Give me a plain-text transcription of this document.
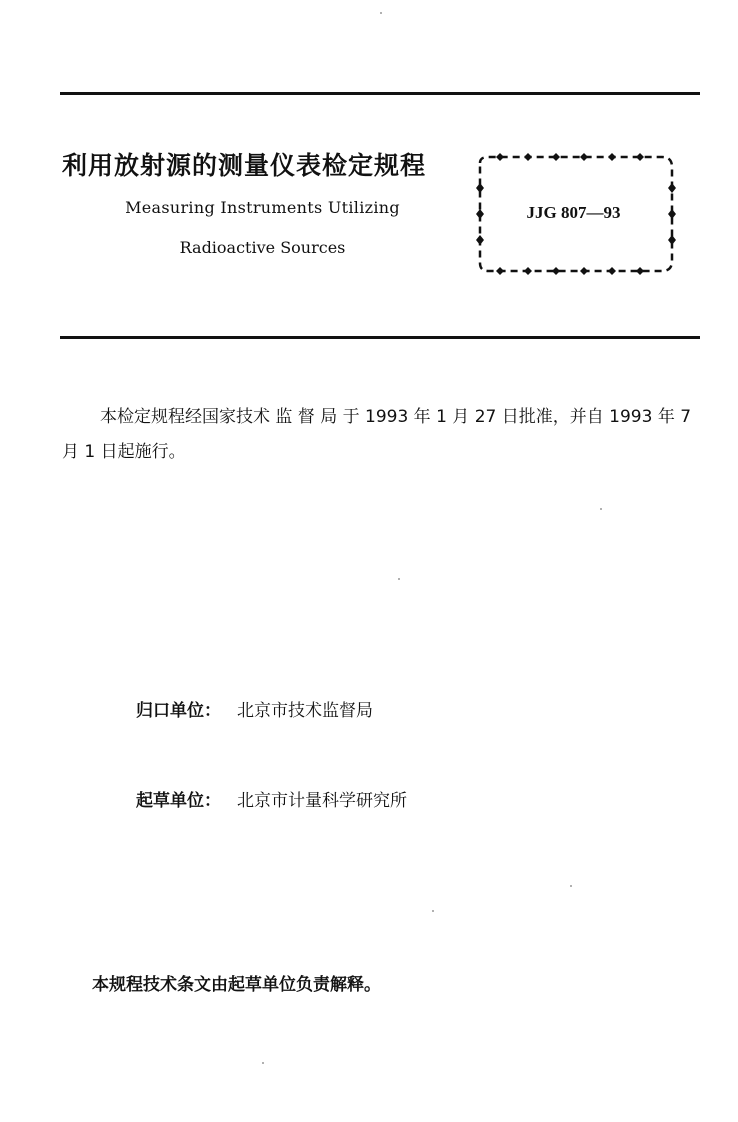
利用放射源的测量仪表检定规程
Measuring Instruments Utilizing
Radioactive Sources
JJG 807—93
本检定规程经国家技术 监 督 局 于 1993 年 1 月 27 日批准，并自 1993 年 7 月 1 日起施行。
归口单位： 北京市技术监督局
起草单位： 北京市计量科学研究所
本规程技术条文由起草单位负责解释。
